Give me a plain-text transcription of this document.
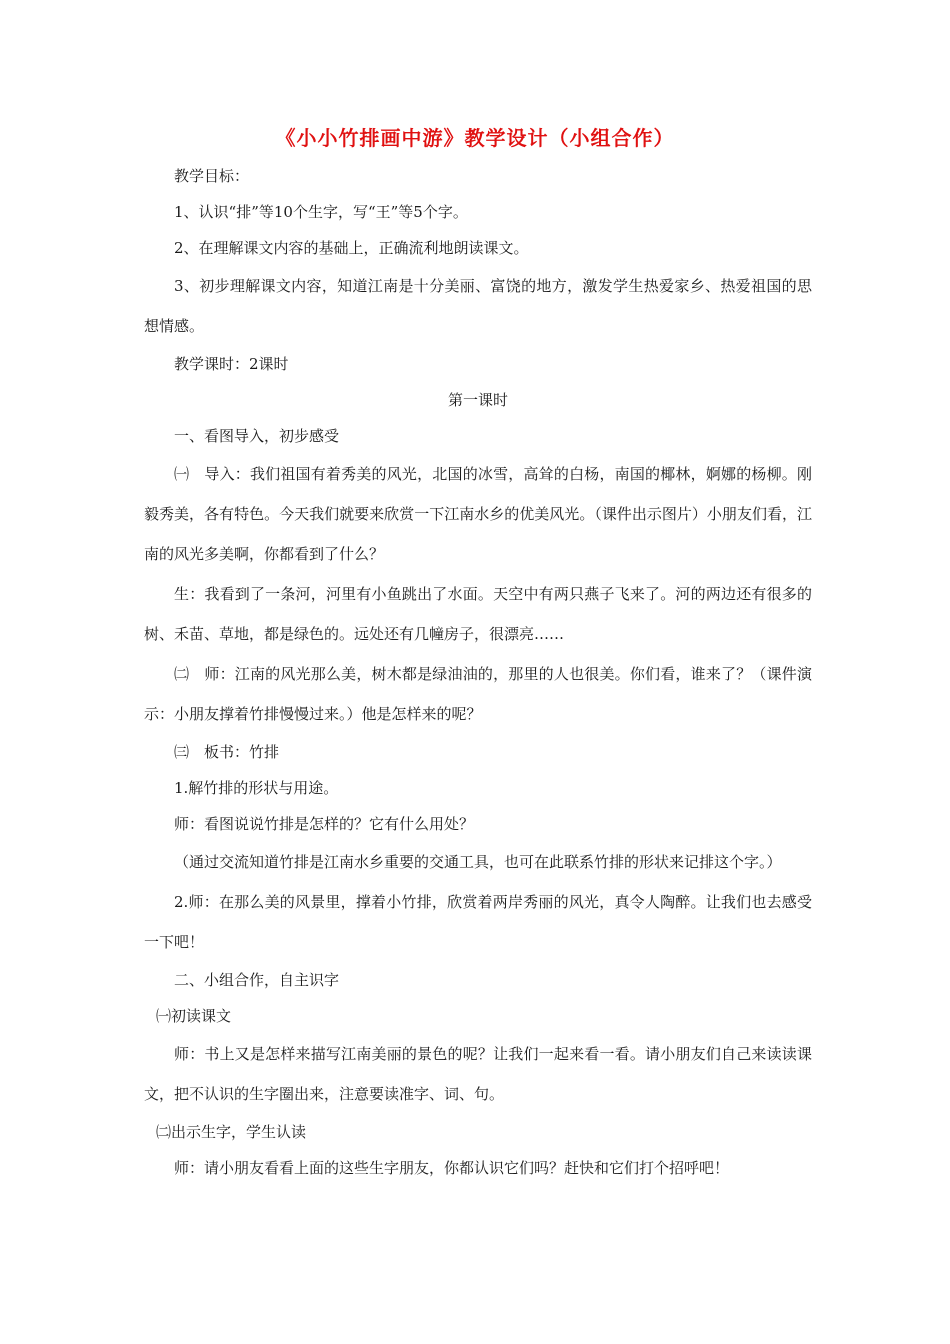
《小小竹排画中游》教学设计（小组合作）

教学目标：

1、认识“排”等10个生字，写“王”等5个字。

2、在理解课文内容的基础上，正确流利地朗读课文。

3、初步理解课文内容，知道江南是十分美丽、富饶的地方，激发学生热爱家乡、热爱祖国的思想情感。

教学课时：2课时

第一课时

一、看图导入，初步感受

㈠　导入：我们祖国有着秀美的风光，北国的冰雪，高耸的白杨，南国的椰林，婀娜的杨柳。刚毅秀美，各有特色。今天我们就要来欣赏一下江南水乡的优美风光。（课件出示图片）小朋友们看，江南的风光多美啊，你都看到了什么？

生：我看到了一条河，河里有小鱼跳出了水面。天空中有两只燕子飞来了。河的两边还有很多的树、禾苗、草地，都是绿色的。远处还有几幢房子，很漂亮……

㈡　师：江南的风光那么美，树木都是绿油油的，那里的人也很美。你们看，谁来了？（课件演示：小朋友撑着竹排慢慢过来。）他是怎样来的呢？

㈢　板书：竹排

1.解竹排的形状与用途。

师：看图说说竹排是怎样的？它有什么用处？

（通过交流知道竹排是江南水乡重要的交通工具，也可在此联系竹排的形状来记排这个字。）

2.师：在那么美的风景里，撑着小竹排，欣赏着两岸秀丽的风光，真令人陶醉。让我们也去感受一下吧！

二、小组合作，自主识字

㈠初读课文

师：书上又是怎样来描写江南美丽的景色的呢？让我们一起来看一看。请小朋友们自己来读读课文，把不认识的生字圈出来，注意要读准字、词、句。

㈡出示生字，学生认读

师：请小朋友看看上面的这些生字朋友，你都认识它们吗？赶快和它们打个招呼吧！
